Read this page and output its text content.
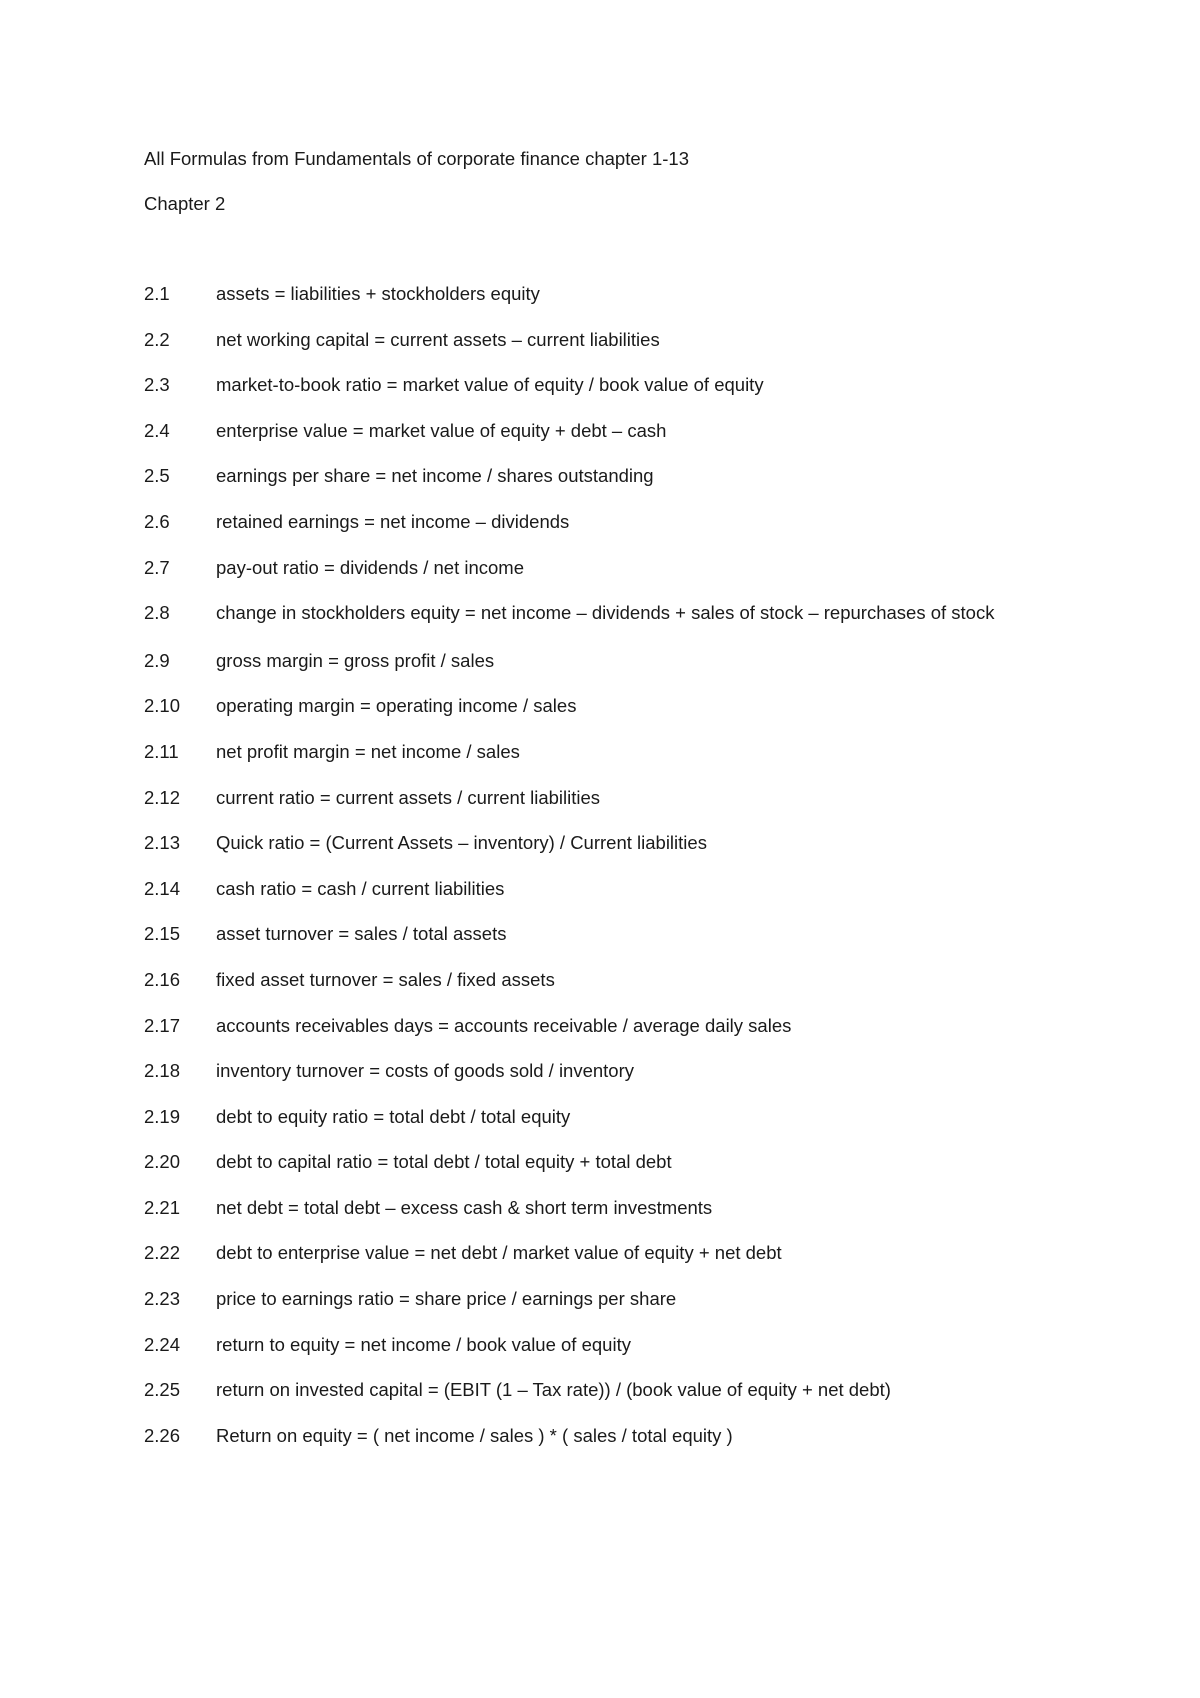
All Formulas from Fundamentals of corporate finance chapter 1-13
Chapter 2
2.1	assets = liabilities + stockholders equity
2.2	net working capital = current assets – current liabilities
2.3	market-to-book ratio = market value of equity / book value of equity
2.4	enterprise value = market value of equity + debt – cash
2.5	earnings per share = net income / shares outstanding
2.6	retained earnings = net income – dividends
2.7	pay-out ratio = dividends / net income
2.8	change in stockholders equity = net income – dividends + sales of stock – repurchases of stock
2.9	gross margin = gross profit / sales
2.10	operating margin = operating income / sales
2.11	net profit margin = net income / sales
2.12	current ratio = current assets / current liabilities
2.13	Quick ratio = (Current Assets – inventory) / Current liabilities
2.14	cash ratio = cash / current liabilities
2.15	asset turnover = sales / total assets
2.16	fixed asset turnover = sales / fixed assets
2.17	accounts receivables days = accounts receivable / average daily sales
2.18	inventory turnover = costs of goods sold / inventory
2.19	debt to equity ratio = total debt / total equity
2.20	debt to capital ratio = total debt / total equity + total debt
2.21	net debt = total debt – excess cash & short term investments
2.22	debt to enterprise value = net debt / market value of equity + net debt
2.23	price to earnings ratio = share price / earnings per share
2.24	return to equity = net income / book value of equity
2.25	return on invested capital = (EBIT (1 – Tax rate)) / (book value of equity + net debt)
2.26	Return on equity = ( net income / sales ) * ( sales / total equity )
